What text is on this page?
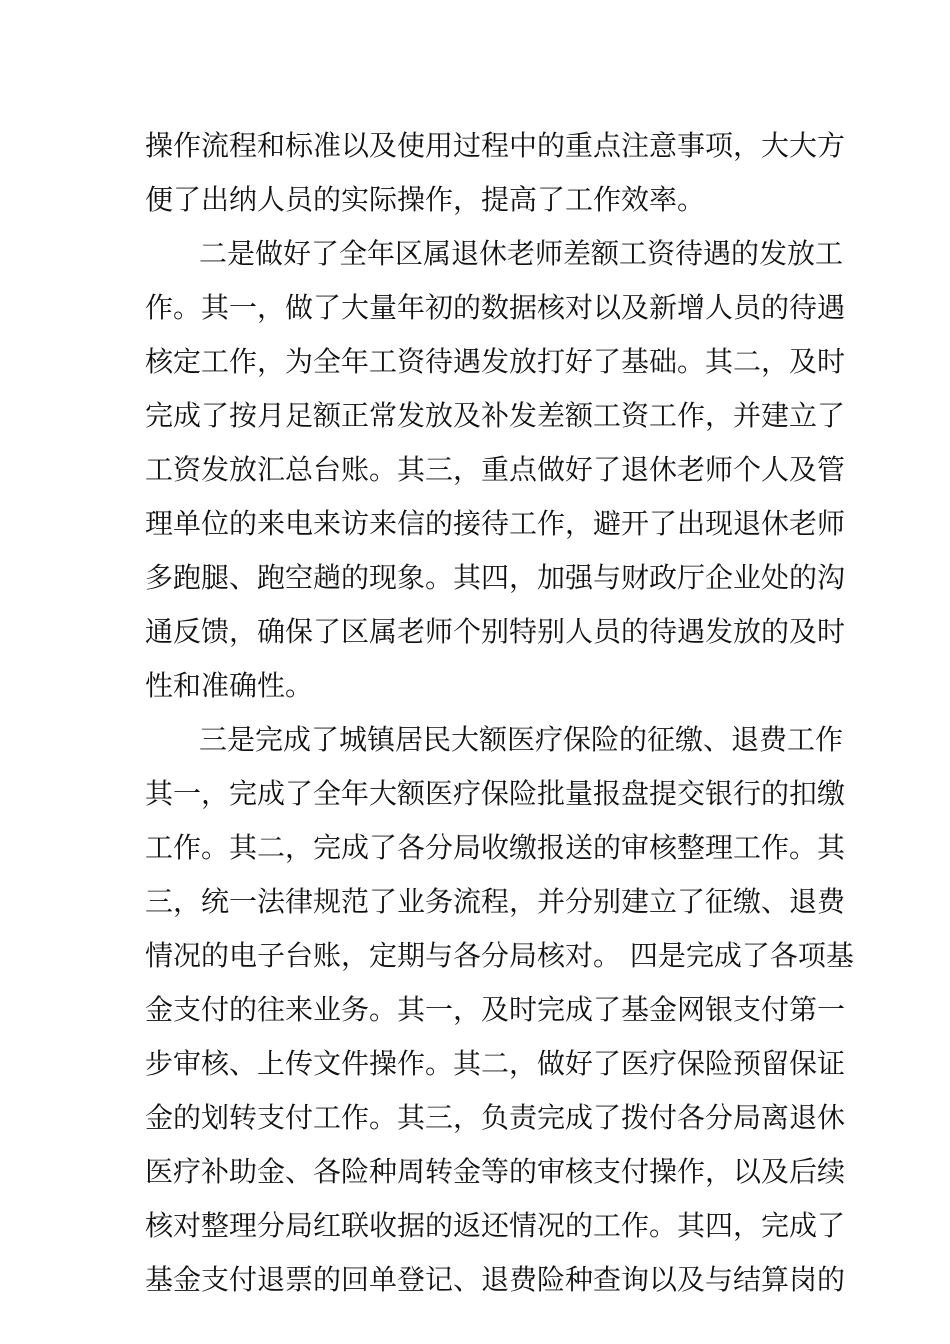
操作流程和标准以及使用过程中的重点注意事项，大大方
便了出纳人员的实际操作，提高了工作效率。
二是做好了全年区属退休老师差额工资待遇的发放工
作。其一，做了大量年初的数据核对以及新增人员的待遇
核定工作，为全年工资待遇发放打好了基础。其二，及时
完成了按月足额正常发放及补发差额工资工作，并建立了
工资发放汇总台账。其三，重点做好了退休老师个人及管
理单位的来电来访来信的接待工作，避开了出现退休老师
多跑腿、跑空趟的现象。其四，加强与财政厅企业处的沟
通反馈，确保了区属老师个别特别人员的待遇发放的及时
性和准确性。
三是完成了城镇居民大额医疗保险的征缴、退费工作
其一，完成了全年大额医疗保险批量报盘提交银行的扣缴
工作。其二，完成了各分局收缴报送的审核整理工作。其
三，统一法律规范了业务流程，并分别建立了征缴、退费
情况的电子台账，定期与各分局核对。 四是完成了各项基
金支付的往来业务。其一，及时完成了基金网银支付第一
步审核、上传文件操作。其二，做好了医疗保险预留保证
金的划转支付工作。其三，负责完成了拨付各分局离退休
医疗补助金、各险种周转金等的审核支付操作，以及后续
核对整理分局红联收据的返还情况的工作。其四，完成了
基金支付退票的回单登记、退费险种查询以及与结算岗的
